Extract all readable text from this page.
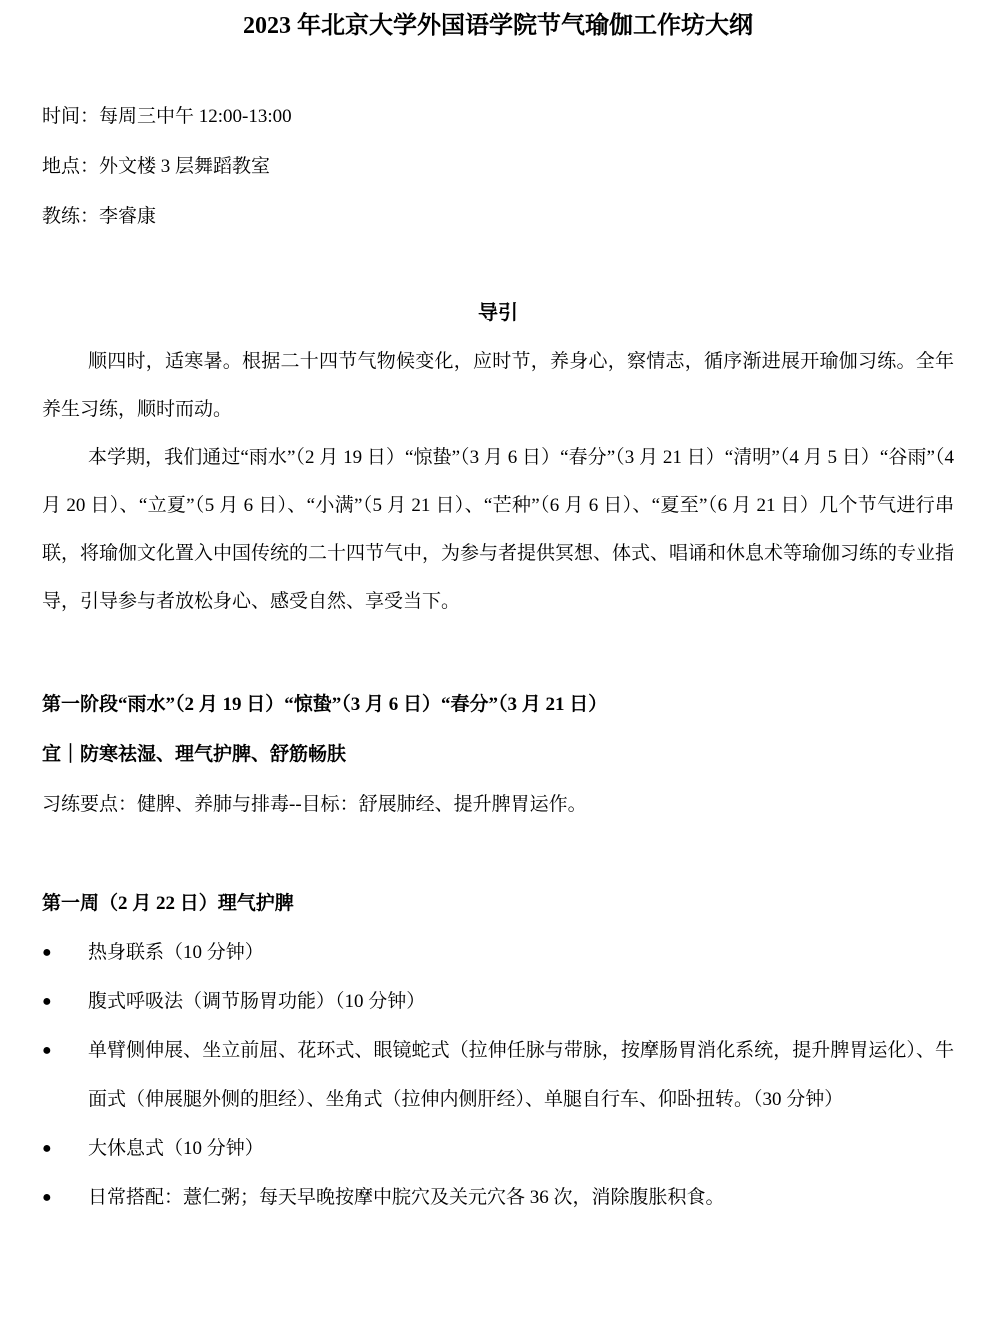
2023 年北京大学外国语学院节气瑜伽工作坊大纲

时间：每周三中午 12:00-13:00

地点：外文楼 3 层舞蹈教室

教练：李睿康

导引

顺四时，适寒暑。根据二十四节气物候变化，应时节，养身心，察情志，循序渐进展开瑜伽习练。全年养生习练，顺时而动。

本学期，我们通过“雨水”（2 月 19 日）“惊蛰”（3 月 6 日）“春分”（3 月 21 日）“清明”（4 月 5 日）“谷雨”（4 月 20 日）、“立夏”（5 月 6 日）、“小满”（5 月 21 日）、“芒种”（6 月 6 日）、“夏至”（6 月 21 日）几个节气进行串联，将瑜伽文化置入中国传统的二十四节气中，为参与者提供冥想、体式、唱诵和休息术等瑜伽习练的专业指导，引导参与者放松身心、感受自然、享受当下。

第一阶段“雨水”（2 月 19 日）“惊蛰”（3 月 6 日）“春分”（3 月 21 日）
宜｜防寒祛湿、理气护脾、舒筋畅肤

习练要点：健脾、养肺与排毒--目标：舒展肺经、提升脾胃运作。

第一周（2 月 22 日）理气护脾
●	热身联系（10 分钟）
●	腹式呼吸法（调节肠胃功能）（10 分钟）
●	单臂侧伸展、坐立前屈、花环式、眼镜蛇式（拉伸任脉与带脉，按摩肠胃消化系统，提升脾胃运化）、牛面式（伸展腿外侧的胆经）、坐角式（拉伸内侧肝经）、单腿自行车、仰卧扭转。（30 分钟）
●	大休息式（10 分钟）
●	日常搭配：薏仁粥；每天早晚按摩中脘穴及关元穴各 36 次，消除腹胀积食。
